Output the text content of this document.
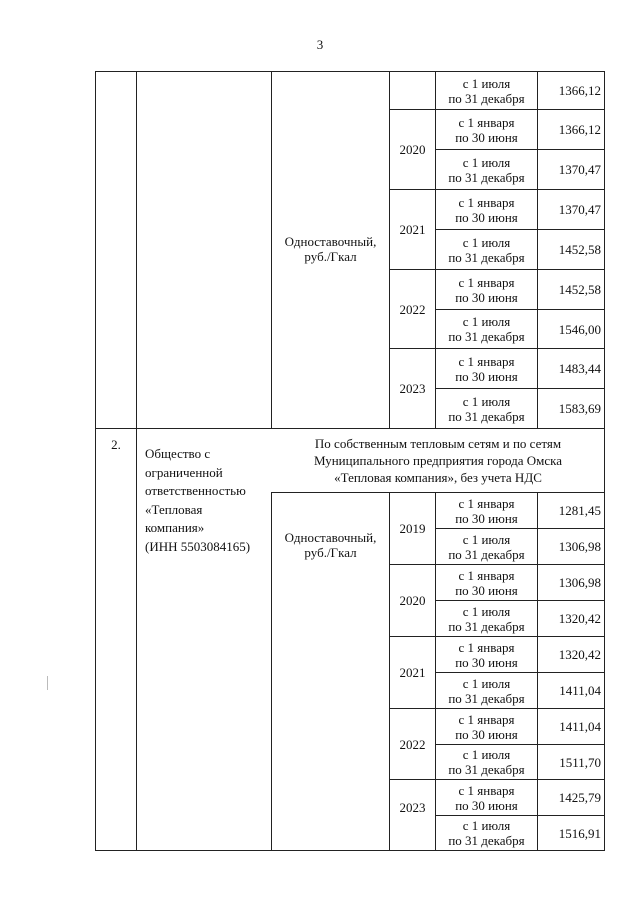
3
Одноставочный,
руб./Гкал
2020
2021
2022
2023
с 1 июля
по 31 декабря
с 1 января
по 30 июня
с 1 июля
по 31 декабря
с 1 января
по 30 июня
с 1 июля
по 31 декабря
с 1 января
по 30 июня
с 1 июля
по 31 декабря
с 1 января
по 30 июня
с 1 июля
по 31 декабря
1366,12
1366,12
1370,47
1370,47
1452,58
1452,58
1546,00
1483,44
1583,69
2.
Общество с
ограниченной
ответственностью
«Тепловая
компания»
(ИНН 5503084165)
По собственным тепловым сетям и по сетям
Муниципального предприятия города Омска
«Тепловая компания», без учета НДС
Одноставочный,
руб./Гкал
2019
2020
2021
2022
2023
с 1 января
по 30 июня
с 1 июля
по 31 декабря
с 1 января
по 30 июня
с 1 июля
по 31 декабря
с 1 января
по 30 июня
с 1 июля
по 31 декабря
с 1 января
по 30 июня
с 1 июля
по 31 декабря
с 1 января
по 30 июня
с 1 июля
по 31 декабря
1281,45
1306,98
1306,98
1320,42
1320,42
1411,04
1411,04
1511,70
1425,79
1516,91
